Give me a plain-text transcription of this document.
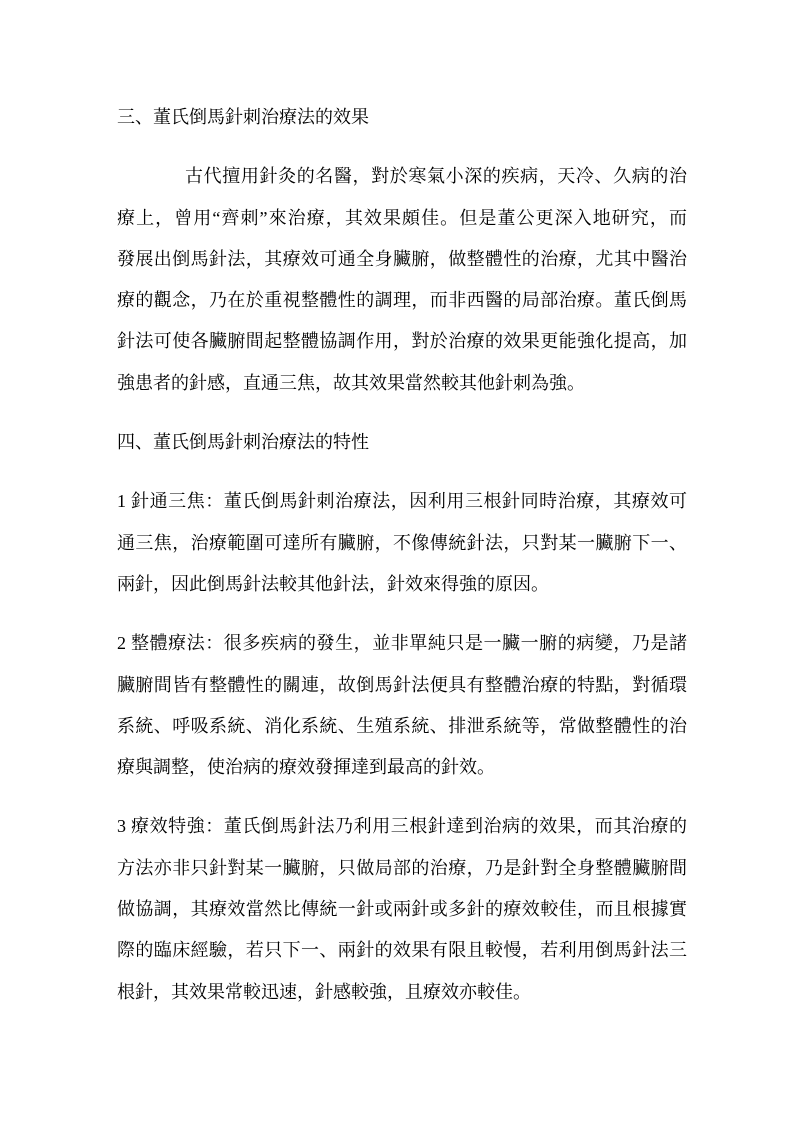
三、董氏倒馬針刺治療法的效果
古代擅用針灸的名醫，對於寒氣小深的疾病，天冷、久病的治
療上，曾用“齊刺”來治療，其效果頗佳。但是董公更深入地研究，而
發展出倒馬針法，其療效可通全身臟腑，做整體性的治療，尤其中醫治
療的觀念，乃在於重視整體性的調理，而非西醫的局部治療。董氏倒馬
針法可使各臟腑間起整體協調作用，對於治療的效果更能強化提高，加
強患者的針感，直通三焦，故其效果當然較其他針刺為強。
四、董氏倒馬針刺治療法的特性
1 針通三焦：董氏倒馬針刺治療法，因利用三根針同時治療，其療效可
通三焦，治療範圍可達所有臟腑，不像傳統針法，只對某一臟腑下一、
兩針，因此倒馬針法較其他針法，針效來得強的原因。
2 整體療法：很多疾病的發生，並非單純只是一臟一腑的病變，乃是諸
臟腑間皆有整體性的關連，故倒馬針法便具有整體治療的特點，對循環
系統、呼吸系統、消化系統、生殖系統、排泄系統等，常做整體性的治
療與調整，使治病的療效發揮達到最高的針效。
3 療效特強：董氏倒馬針法乃利用三根針達到治病的效果，而其治療的
方法亦非只針對某一臟腑，只做局部的治療，乃是針對全身整體臟腑間
做協調，其療效當然比傳統一針或兩針或多針的療效較佳，而且根據實
際的臨床經驗，若只下一、兩針的效果有限且較慢，若利用倒馬針法三
根針，其效果常較迅速，針感較強，且療效亦較佳。
